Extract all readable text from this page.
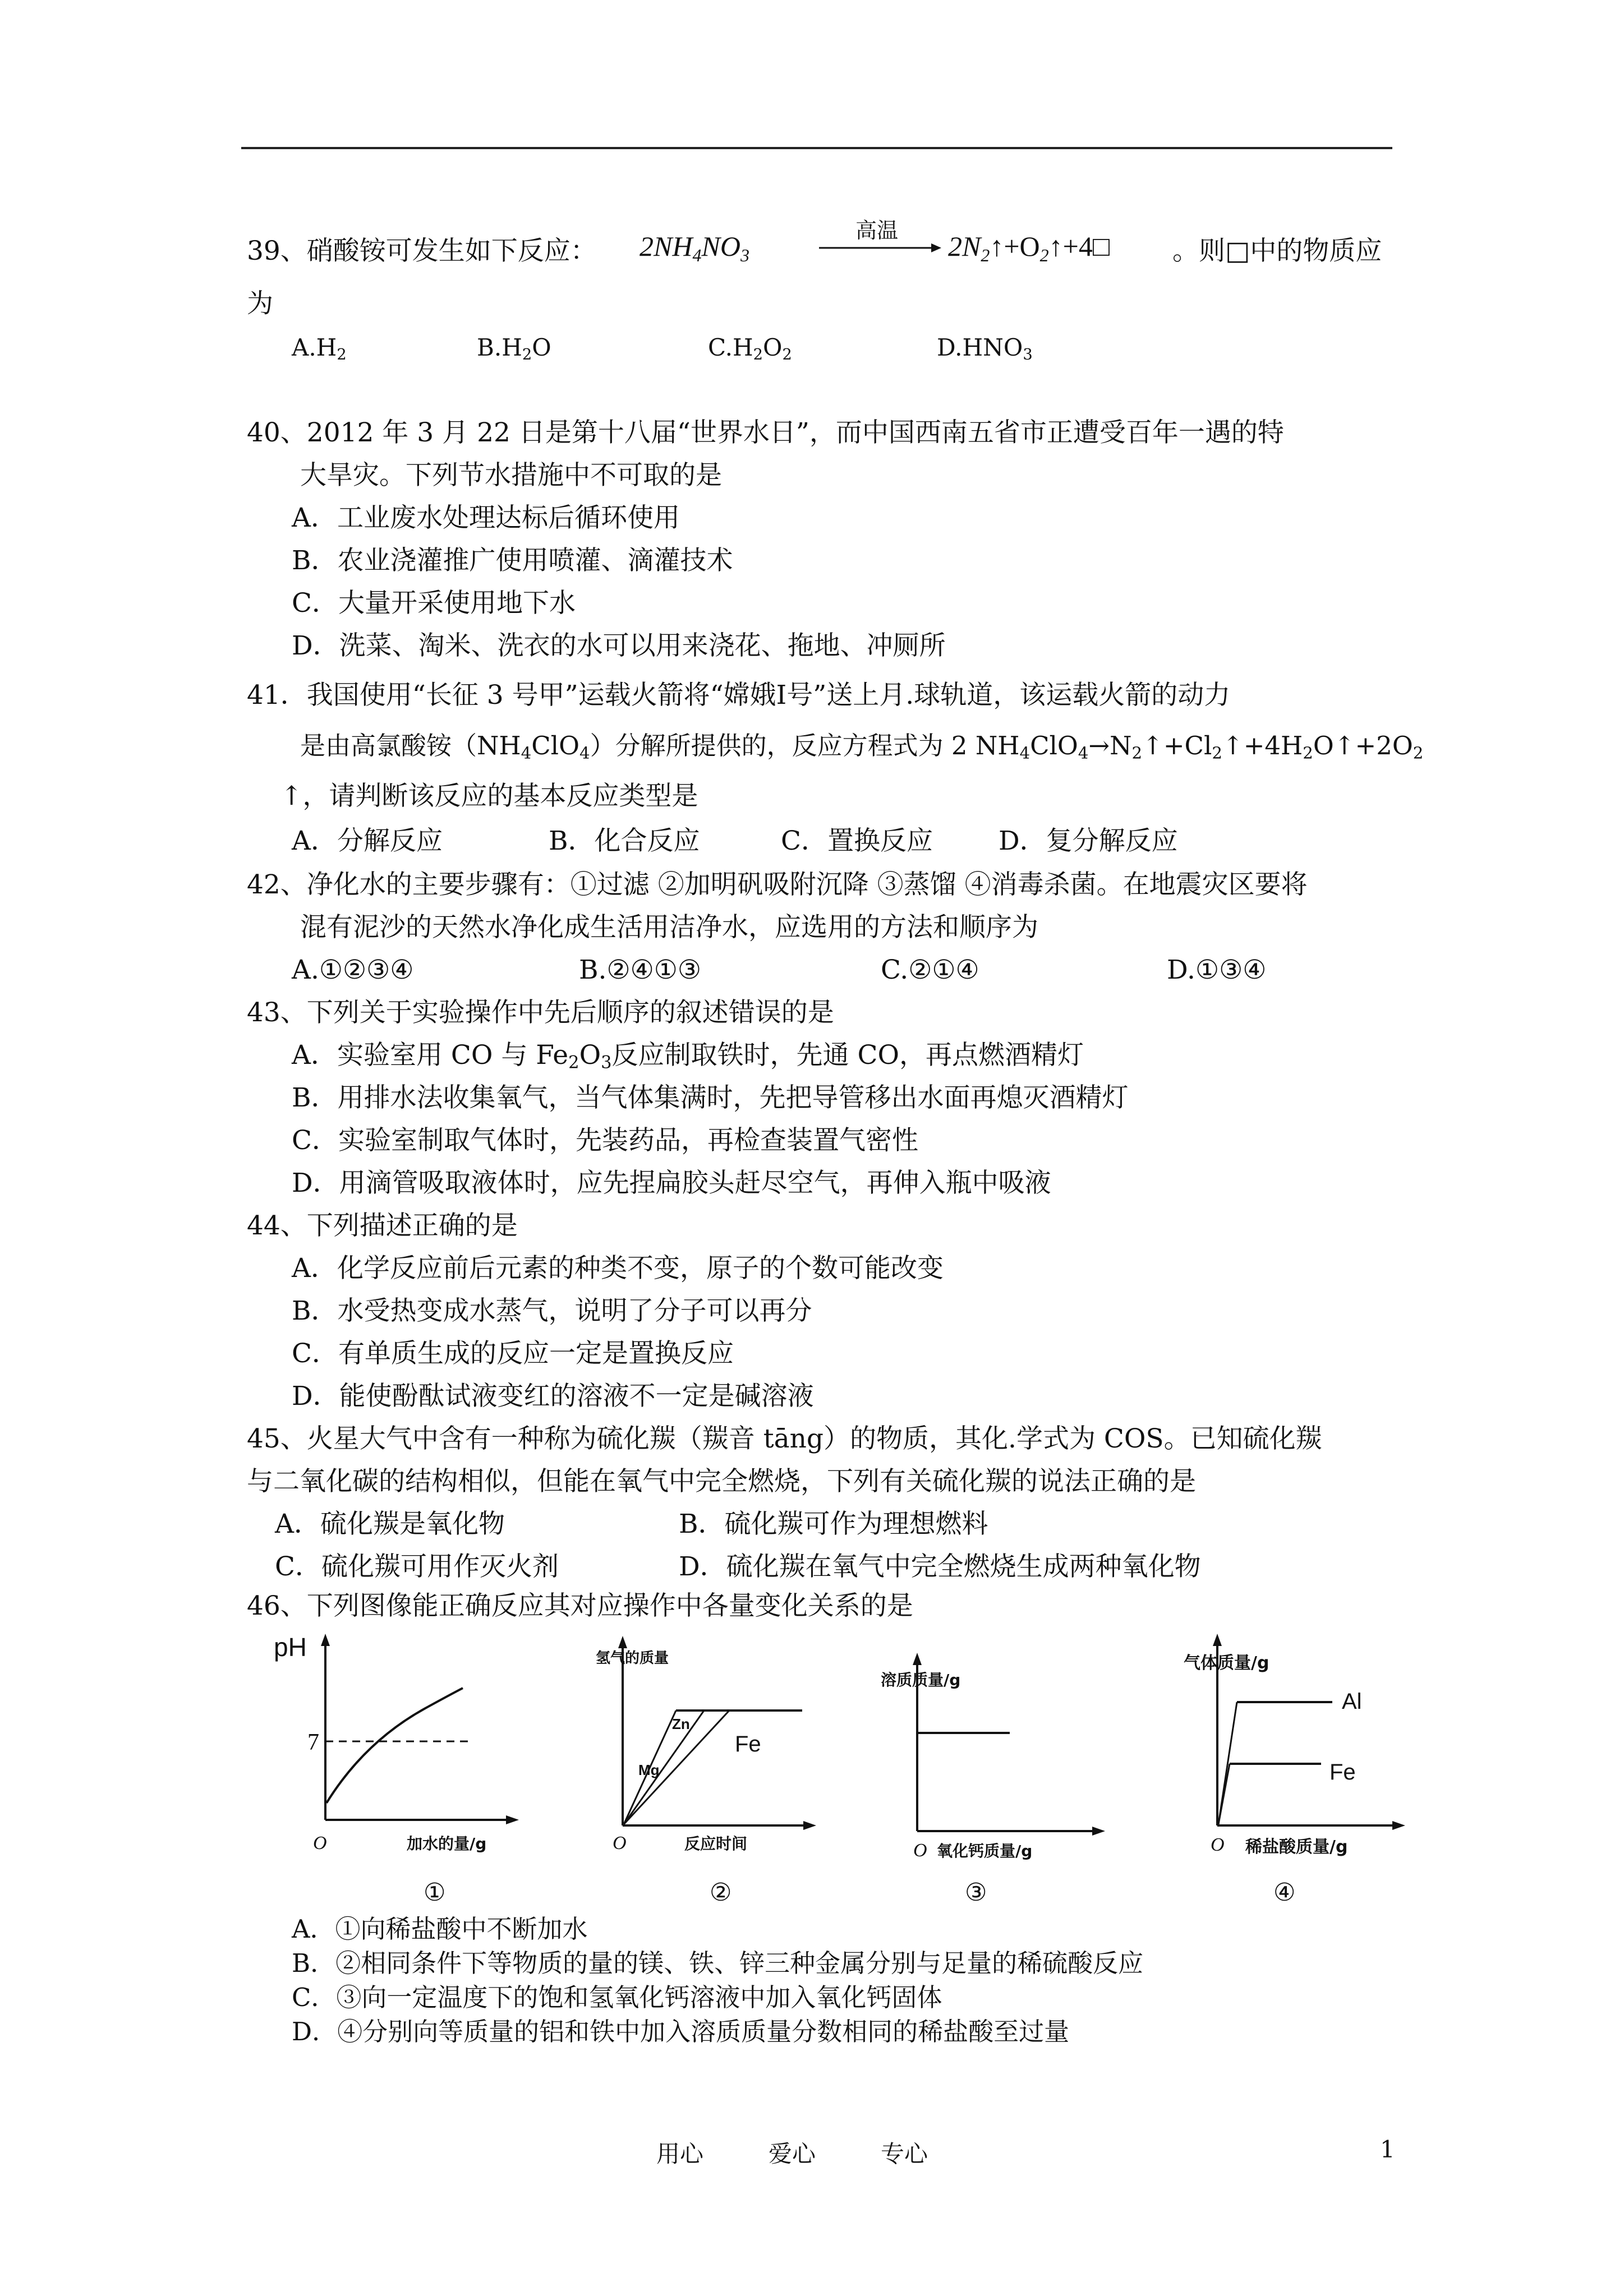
39、硝酸铵可发生如下反应： $2NH_4NO_3$
高温 $2N_2↑+O_2↑+4□$ 。则□中的物质应
为
$A.H_2$	$B.H_2O$	$C.H_2O_2$	$D.HNO_3$
40、2012 年 3 月 22 日是第十八届“世界水日”，而中国西南五省市正遭受百年一遇的特
大旱灾。下列节水措施中不可取的是
A．工业废水处理达标后循环使用
B．农业浇灌推广使用喷灌、滴灌技术
C．大量开采使用地下水
D．洗菜、淘米、洗衣的水可以用来浇花、拖地、冲厕所
41．我国使用“长征 3 号甲”运载火箭将“嫦娥Ⅰ号”送上月.球轨道，该运载火箭的动力
是由高氯酸铵$(NH_4ClO_4)$分解所提供的，反应方程式为 2 $NH_4ClO_4\to N_2↑+Cl_2↑+4H_2O↑+2O_2$
↑，请判断该反应的基本反应类型是
A．分解反应	B．化合反应	C．置换反应 D．复分解反应
42、净化水的主要步骤有：①过滤 ②加明矾吸附沉降 ③蒸馏 ④消毒杀菌。在地震灾区要将
混有泥沙的天然水净化成生活用洁净水，应选用的方法和顺序为
A.①②③④	B.②④①③	C.②①④	D.①③④
43、下列关于实验操作中先后顺序的叙述错误的是
A．实验室用 CO 与 $Fe_2O_3$反应制取铁时，先通 CO，再点燃酒精灯
B．用排水法收集氧气，当气体集满时，先把导管移出水面再熄灭酒精灯
C．实验室制取气体时，先装药品，再检查装置气密性
D．用滴管吸取液体时，应先捏扁胶头赶尽空气，再伸入瓶中吸液
44、下列描述正确的是
A．化学反应前后元素的种类不变，原子的个数可能改变
B．水受热变成水蒸气，说明了分子可以再分
C．有单质生成的反应一定是置换反应
D．能使酚酞试液变红的溶液不一定是碱溶液
45、火星大气中含有一种称为硫化羰（羰音 tāng）的物质，其化.学式为 COS。已知硫化羰
与二氧化碳的结构相似，但能在氧气中完全燃烧，下列有关硫化羰的说法正确的是
A．硫化羰是氧化物	B．硫化羰可作为理想燃料
C．硫化羰可用作灭火剂	D．硫化羰在氧气中完全燃烧生成两种氧化物
46、下列图像能正确反应其对应操作中各量变化关系的是
pH
7
O	加水的量/g
①
氢气的质量
Mg
Zn
Fe
O	反应时间
②
溶质质量/g
O 氧化钙质量/g
③
气体质量/g
Al
Fe
O 稀盐酸质量/g
④
A．①向稀盐酸中不断加水
B．②相同条件下等物质的量的镁、铁、锌三种金属分别与足量的稀硫酸反应
C．③向一定温度下的饱和氢氧化钙溶液中加入氧化钙固体
D．④分别向等质量的铝和铁中加入溶质质量分数相同的稀盐酸至过量
用心	爱心	专心	1
